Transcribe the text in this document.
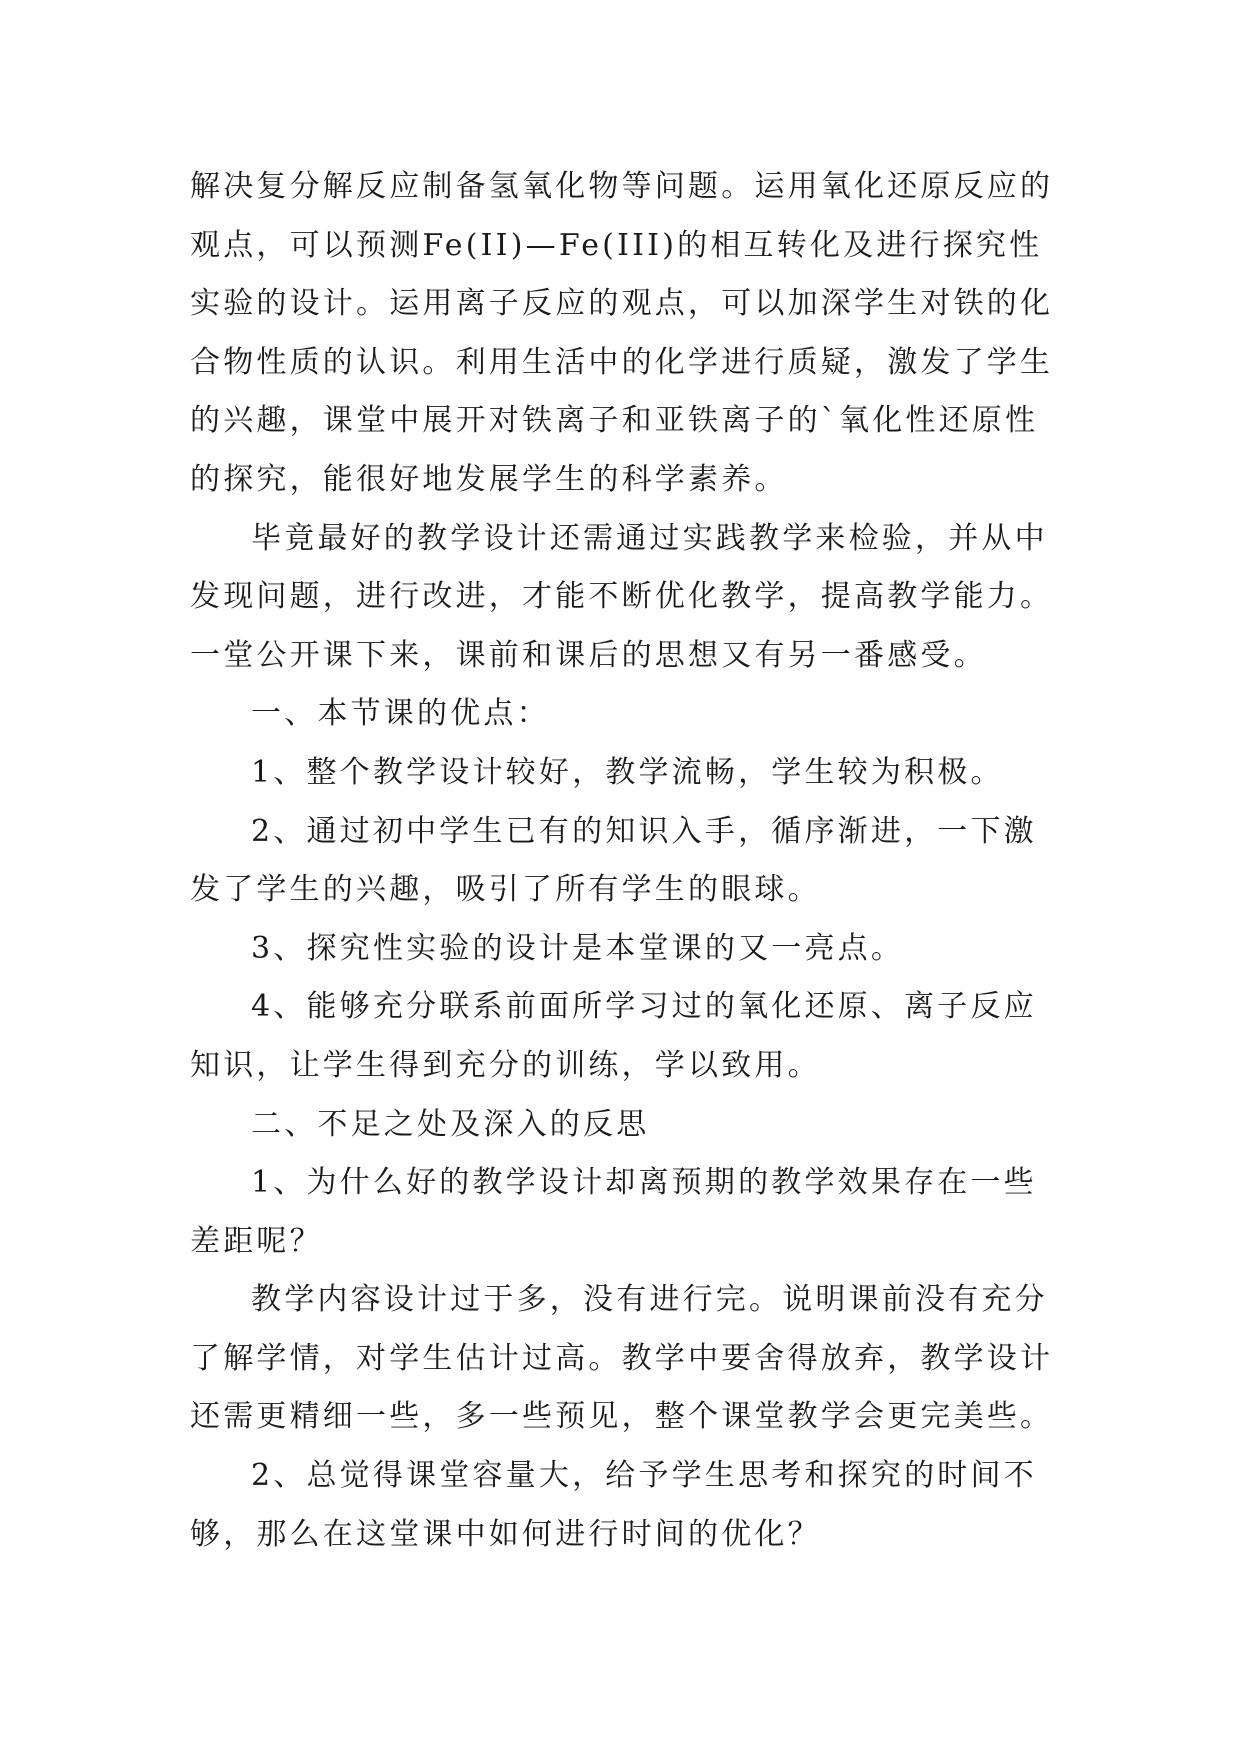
解决复分解反应制备氢氧化物等问题。运用氧化还原反应的
观点，可以预测Fe(II)—Fe(III)的相互转化及进行探究性
实验的设计。运用离子反应的观点，可以加深学生对铁的化
合物性质的认识。利用生活中的化学进行质疑，激发了学生
的兴趣，课堂中展开对铁离子和亚铁离子的`氧化性还原性
的探究，能很好地发展学生的科学素养。
毕竟最好的教学设计还需通过实践教学来检验，并从中
发现问题，进行改进，才能不断优化教学，提高教学能力。
一堂公开课下来，课前和课后的思想又有另一番感受。
一、本节课的优点：
1、整个教学设计较好，教学流畅，学生较为积极。
2、通过初中学生已有的知识入手，循序渐进，一下激
发了学生的兴趣，吸引了所有学生的眼球。
3、探究性实验的设计是本堂课的又一亮点。
4、能够充分联系前面所学习过的氧化还原、离子反应
知识，让学生得到充分的训练，学以致用。
二、不足之处及深入的反思
1、为什么好的教学设计却离预期的教学效果存在一些
差距呢？
教学内容设计过于多，没有进行完。说明课前没有充分
了解学情，对学生估计过高。教学中要舍得放弃，教学设计
还需更精细一些，多一些预见，整个课堂教学会更完美些。
2、总觉得课堂容量大，给予学生思考和探究的时间不
够，那么在这堂课中如何进行时间的优化？
